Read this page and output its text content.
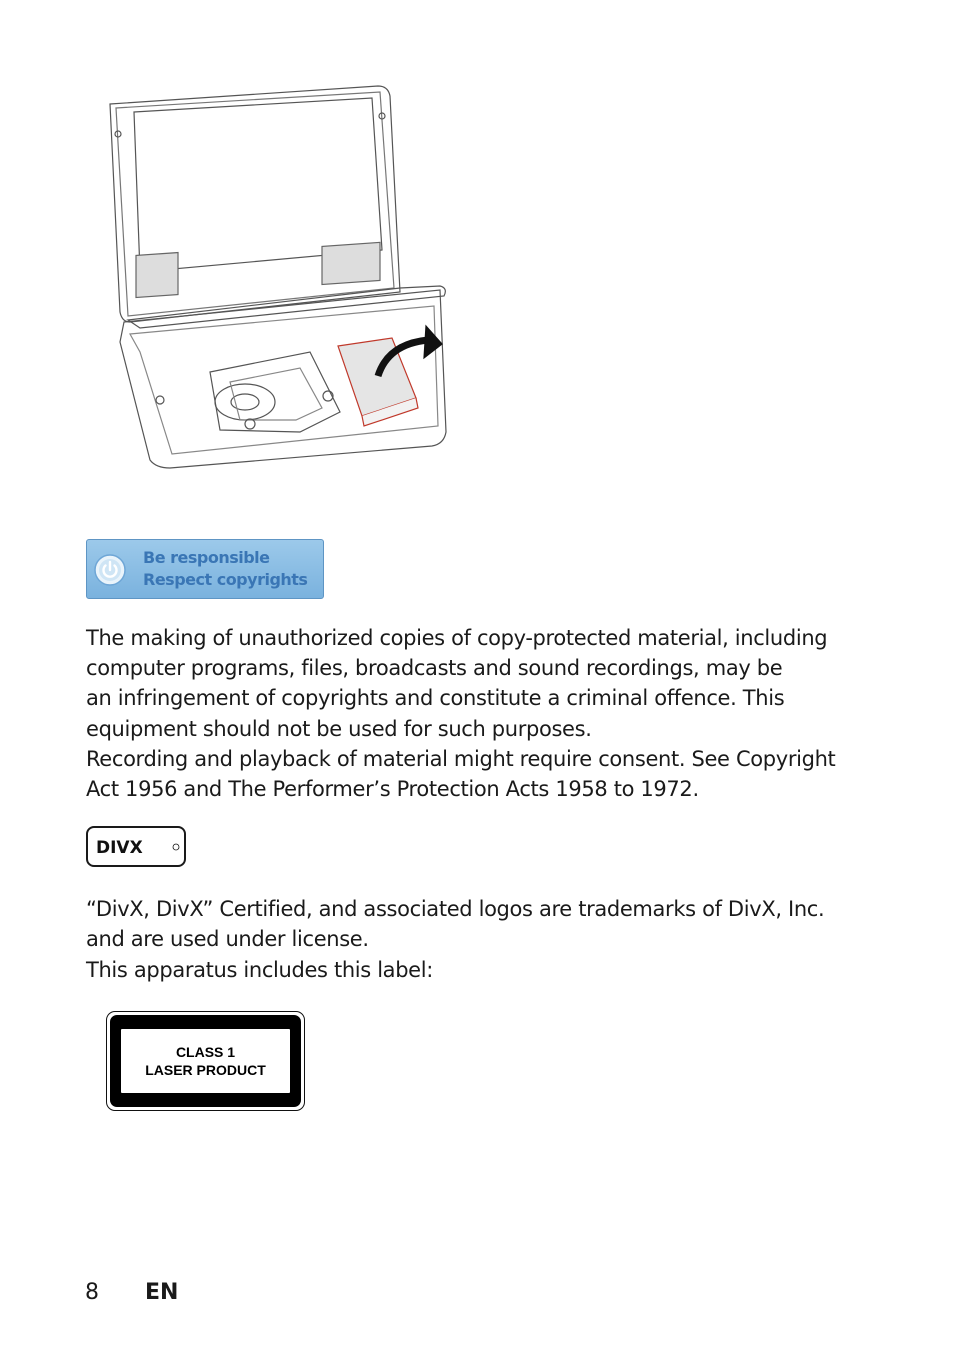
Be responsible
Respect copyrights
The making of unauthorized copies of copy-protected material, including
computer programs, files, broadcasts and sound recordings, may be
an infringement of copyrights and constitute a criminal offence. This
equipment should not be used for such purposes.
Recording and playback of material might require consent. See Copyright
Act 1956 and The Performer’s Protection Acts 1958 to 1972.
DIVX
“DivX, DivX” Certified, and associated logos are trademarks of DivX, Inc.
and are used under license.
This apparatus includes this label:
CLASS 1
LASER PRODUCT
8 EN
